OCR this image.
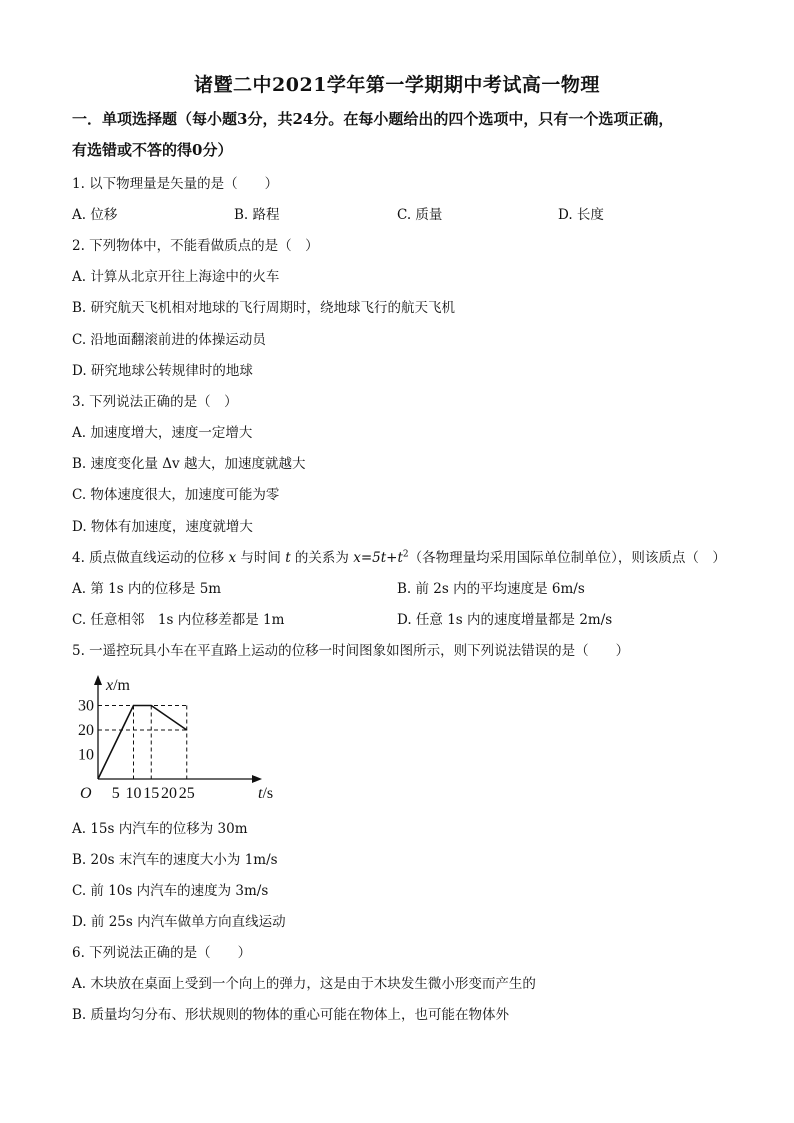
诸暨二中2021学年第一学期期中考试高一物理
一．单项选择题（每小题3分，共24分。在每小题给出的四个选项中，只有一个选项正确，
有选错或不答的得0分）
1. 以下物理量是矢量的是（　　）
A. 位移	B. 路程	C. 质量	D. 长度
2. 下列物体中，不能看做质点的是（　）
A. 计算从北京开往上海途中的火车
B. 研究航天飞机相对地球的飞行周期时，绕地球飞行的航天飞机
C. 沿地面翻滚前进的体操运动员
D. 研究地球公转规律时的地球
3. 下列说法正确的是（　）
A. 加速度增大，速度一定增大
B. 速度变化量 Δv 越大，加速度就越大
C. 物体速度很大，加速度可能为零
D. 物体有加速度，速度就增大
4. 质点做直线运动的位移 x 与时间 t 的关系为 $x=5t+t^2$（各物理量均采用国际单位制单位），则该质点（　）
A. 第 1s 内的位移是 5m	B. 前 2s 内的平均速度是 6m/s
C. 任意相邻　1s 内位移差都是 1m	D. 任意 1s 内的速度增量都是 2m/s
5. 一遥控玩具小车在平直路上运动的位移一时间图象如图所示，则下列说法错误的是（　　）
x/m
t/s
O 5 10 15 20 25
10
20
30
A. 15s 内汽车的位移为 30m
B. 20s 末汽车的速度大小为 1m/s
C. 前 10s 内汽车的速度为 3m/s
D. 前 25s 内汽车做单方向直线运动
6. 下列说法正确的是（　　）
A. 木块放在桌面上受到一个向上的弹力，这是由于木块发生微小形变而产生的
B. 质量均匀分布、形状规则的物体的重心可能在物体上，也可能在物体外
